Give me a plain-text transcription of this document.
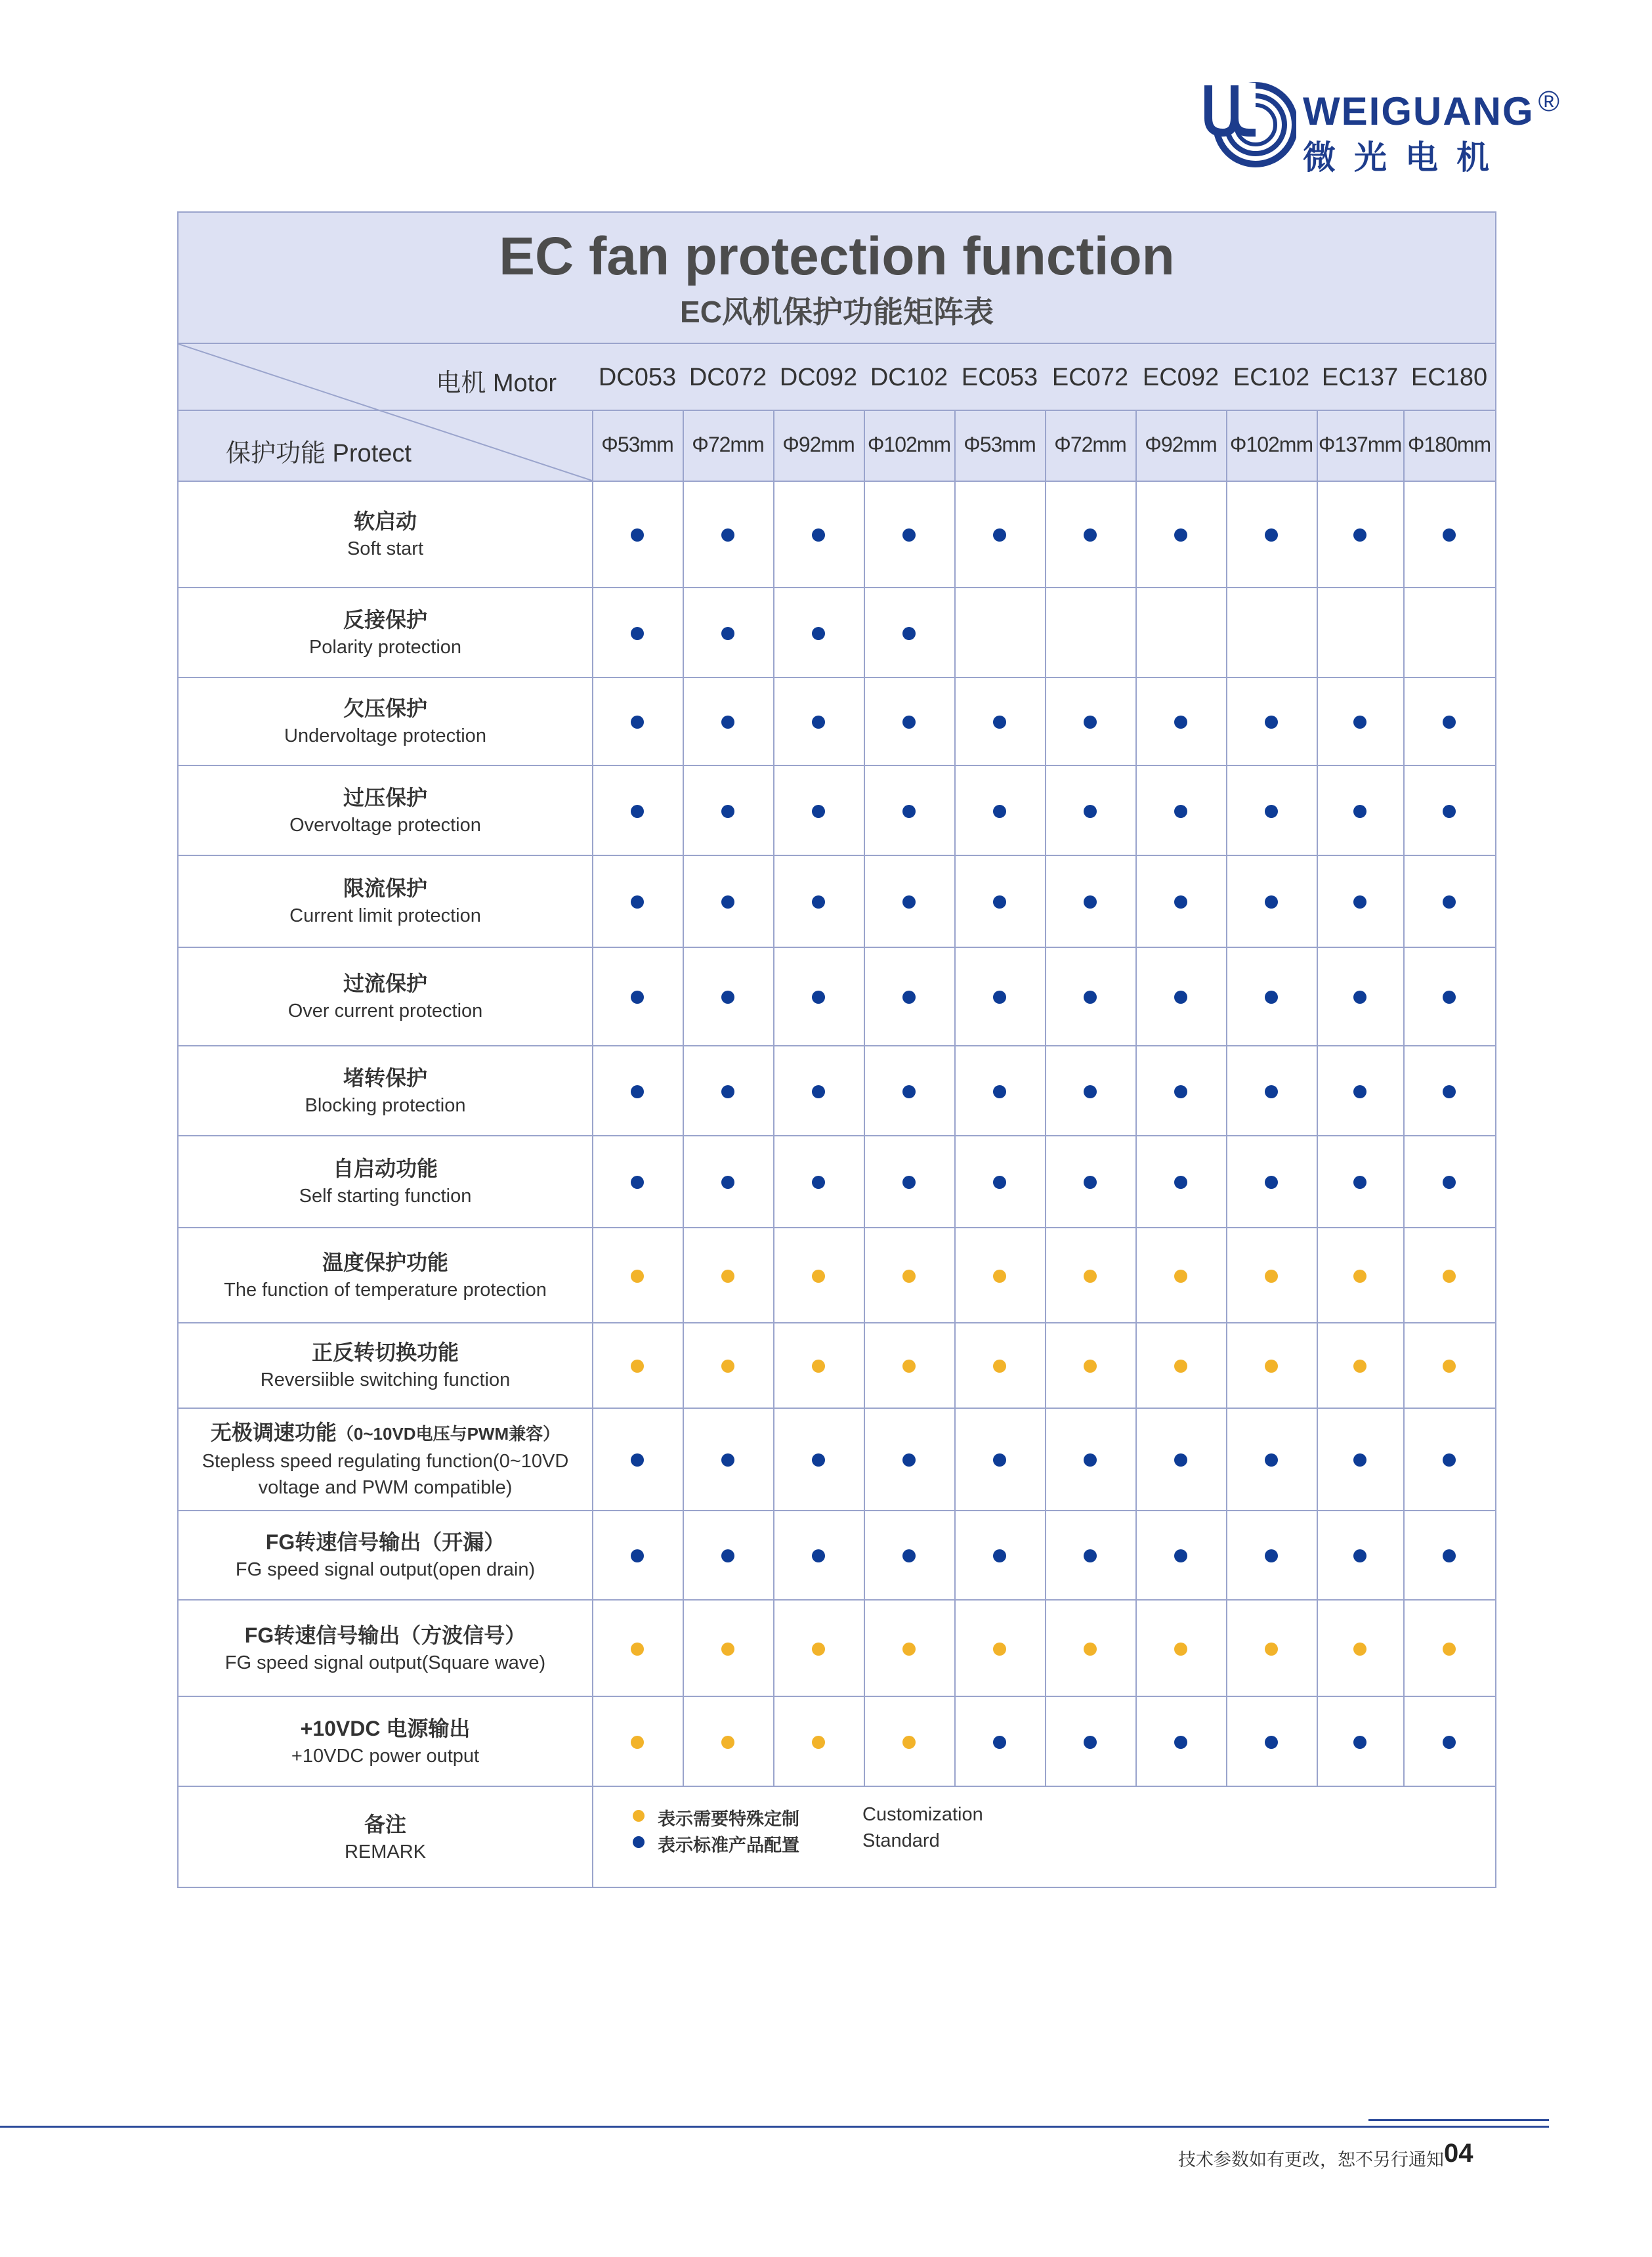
WEIGUANG ®
微光电机
EC fan protection function
EC风机保护功能矩阵表
电机 Motor
保护功能 Protect
DC053
Φ53mm
DC072
Φ72mm
DC092
Φ92mm
DC102
Φ102mm
EC053
Φ53mm
EC072
Φ72mm
EC092
Φ92mm
EC102
Φ102mm
EC137
Φ137mm
EC180
Φ180mm
软启动
Soft start
反接保护
Polarity protection
欠压保护
Undervoltage protection
过压保护
Overvoltage protection
限流保护
Current limit protection
过流保护
Over current protection
堵转保护
Blocking protection
自启动功能
Self starting function
温度保护功能
The function of temperature protection
正反转切换功能
Reversiible switching function
无极调速功能（0~10VD电压与PWM兼容）
Stepless speed regulating function(0~10VD
voltage and PWM compatible)
FG转速信号输出（开漏）
FG speed signal output(open drain)
FG转速信号输出（方波信号）
FG speed signal output(Square wave)
+10VDC 电源输出
+10VDC power output
备注
REMARK
表示需要特殊定制	Customization
表示标准产品配置	Standard
技术参数如有更改，恕不另行通知 04
